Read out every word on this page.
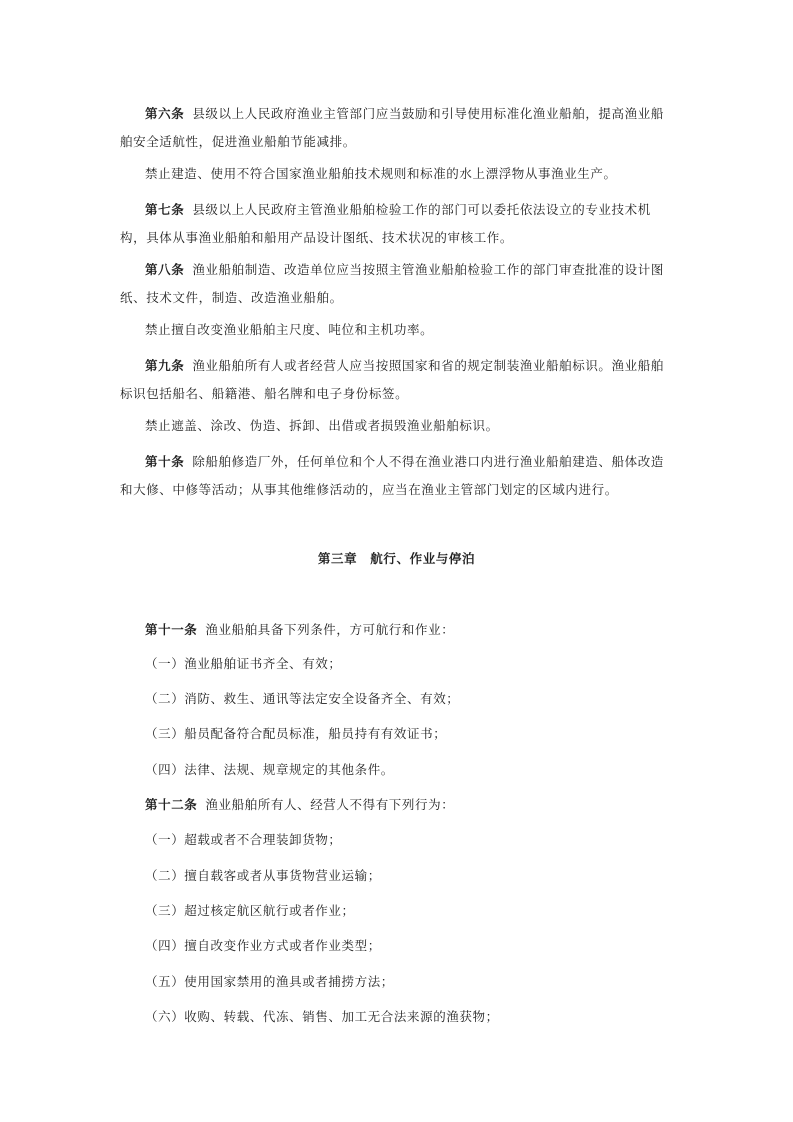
第六条 县级以上人民政府渔业主管部门应当鼓励和引导使用标准化渔业船舶，提高渔业船舶安全适航性，促进渔业船舶节能减排。

禁止建造、使用不符合国家渔业船舶技术规则和标准的水上漂浮物从事渔业生产。

第七条 县级以上人民政府主管渔业船舶检验工作的部门可以委托依法设立的专业技术机构，具体从事渔业船舶和船用产品设计图纸、技术状况的审核工作。

第八条 渔业船舶制造、改造单位应当按照主管渔业船舶检验工作的部门审查批准的设计图纸、技术文件，制造、改造渔业船舶。

禁止擅自改变渔业船舶主尺度、吨位和主机功率。

第九条 渔业船舶所有人或者经营人应当按照国家和省的规定制装渔业船舶标识。渔业船舶标识包括船名、船籍港、船名牌和电子身份标签。

禁止遮盖、涂改、伪造、拆卸、出借或者损毁渔业船舶标识。

第十条 除船舶修造厂外，任何单位和个人不得在渔业港口内进行渔业船舶建造、船体改造和大修、中修等活动；从事其他维修活动的，应当在渔业主管部门划定的区域内进行。

第三章　航行、作业与停泊

第十一条 渔业船舶具备下列条件，方可航行和作业：

（一）渔业船舶证书齐全、有效；

（二）消防、救生、通讯等法定安全设备齐全、有效；

（三）船员配备符合配员标准，船员持有有效证书；

（四）法律、法规、规章规定的其他条件。

第十二条 渔业船舶所有人、经营人不得有下列行为：

（一）超载或者不合理装卸货物；

（二）擅自载客或者从事货物营业运输；

（三）超过核定航区航行或者作业；

（四）擅自改变作业方式或者作业类型；

（五）使用国家禁用的渔具或者捕捞方法；

（六）收购、转载、代冻、销售、加工无合法来源的渔获物；
